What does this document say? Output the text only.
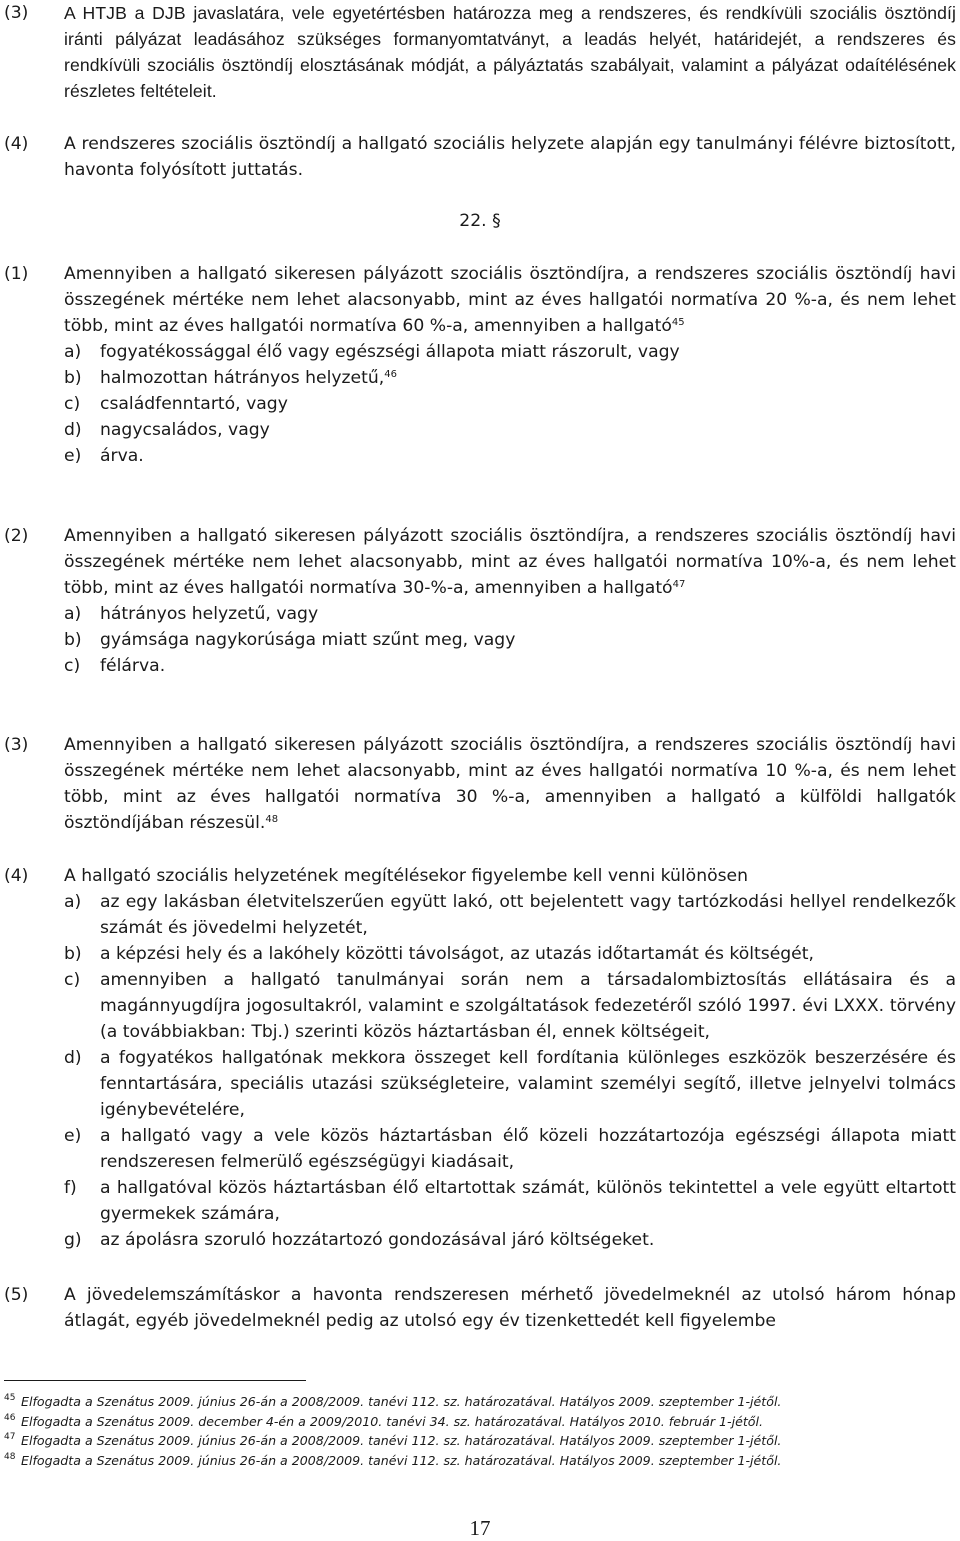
(3) A HTJB a DJB javaslatára, vele egyetértésben határozza meg a rendszeres, és rendkívüli szociális ösztöndíj iránti pályázat leadásához szükséges formanyomtatványt, a leadás helyét, határidejét, a rendszeres és rendkívüli szociális ösztöndíj elosztásának módját, a pályáztatás szabályait, valamint a pályázat odaítélésének részletes feltételeit.
(4) A rendszeres szociális ösztöndíj a hallgató szociális helyzete alapján egy tanulmányi félévre biztosított, havonta folyósított juttatás.
22. §
(1) Amennyiben a hallgató sikeresen pályázott szociális ösztöndíjra, a rendszeres szociális ösztöndíj havi összegének mértéke nem lehet alacsonyabb, mint az éves hallgatói normatíva 20 %-a, és nem lehet több, mint az éves hallgatói normatíva 60 %-a, amennyiben a hallgató$^{45}$
a) fogyatékossággal élő vagy egészségi állapota miatt rászorult, vagy
b) halmozottan hátrányos helyzetű,$^{46}$
c) családfenntartó, vagy
d) nagycsaládos, vagy
e) árva.
(2) Amennyiben a hallgató sikeresen pályázott szociális ösztöndíjra, a rendszeres szociális ösztöndíj havi összegének mértéke nem lehet alacsonyabb, mint az éves hallgatói normatíva 10%-a, és nem lehet több, mint az éves hallgatói normatíva 30-%-a, amennyiben a hallgató$^{47}$
a) hátrányos helyzetű, vagy
b) gyámsága nagykorúsága miatt szűnt meg, vagy
c) félárva.
(3) Amennyiben a hallgató sikeresen pályázott szociális ösztöndíjra, a rendszeres szociális ösztöndíj havi összegének mértéke nem lehet alacsonyabb, mint az éves hallgatói normatíva 10 %-a, és nem lehet több, mint az éves hallgatói normatíva 30 %-a, amennyiben a hallgató a külföldi hallgatók ösztöndíjában részesül.$^{48}$
(4) A hallgató szociális helyzetének megítélésekor figyelembe kell venni különösen
a) az egy lakásban életvitelszerűen együtt lakó, ott bejelentett vagy tartózkodási hellyel rendelkezők számát és jövedelmi helyzetét,
b) a képzési hely és a lakóhely közötti távolságot, az utazás időtartamát és költségét,
c) amennyiben a hallgató tanulmányai során nem a társadalombiztosítás ellátásaira és a magánnyugdíjra jogosultakról, valamint e szolgáltatások fedezetéről szóló 1997. évi LXXX. törvény (a továbbiakban: Tbj.) szerinti közös háztartásban él, ennek költségeit,
d) a fogyatékos hallgatónak mekkora összeget kell fordítania különleges eszközök beszerzésére és fenntartására, speciális utazási szükségleteire, valamint személyi segítő, illetve jelnyelvi tolmács igénybevételére,
e) a hallgató vagy a vele közös háztartásban élő közeli hozzátartozója egészségi állapota miatt rendszeresen felmerülő egészségügyi kiadásait,
f) a hallgatóval közös háztartásban élő eltartottak számát, különös tekintettel a vele együtt eltartott gyermekek számára,
g) az ápolásra szoruló hozzátartozó gondozásával járó költségeket.
(5) A jövedelemszámításkor a havonta rendszeresen mérhető jövedelmeknél az utolsó három hónap átlagát, egyéb jövedelmeknél pedig az utolsó egy év tizenkettedét kell figyelembe
45 Elfogadta a Szenátus 2009. június 26-án a 2008/2009. tanévi 112. sz. határozatával. Hatályos 2009. szeptember 1-jétől.
46 Elfogadta a Szenátus 2009. december 4-én a 2009/2010. tanévi 34. sz. határozatával. Hatályos 2010. február 1-jétől.
47 Elfogadta a Szenátus 2009. június 26-án a 2008/2009. tanévi 112. sz. határozatával. Hatályos 2009. szeptember 1-jétől.
48 Elfogadta a Szenátus 2009. június 26-án a 2008/2009. tanévi 112. sz. határozatával. Hatályos 2009. szeptember 1-jétől.
17
